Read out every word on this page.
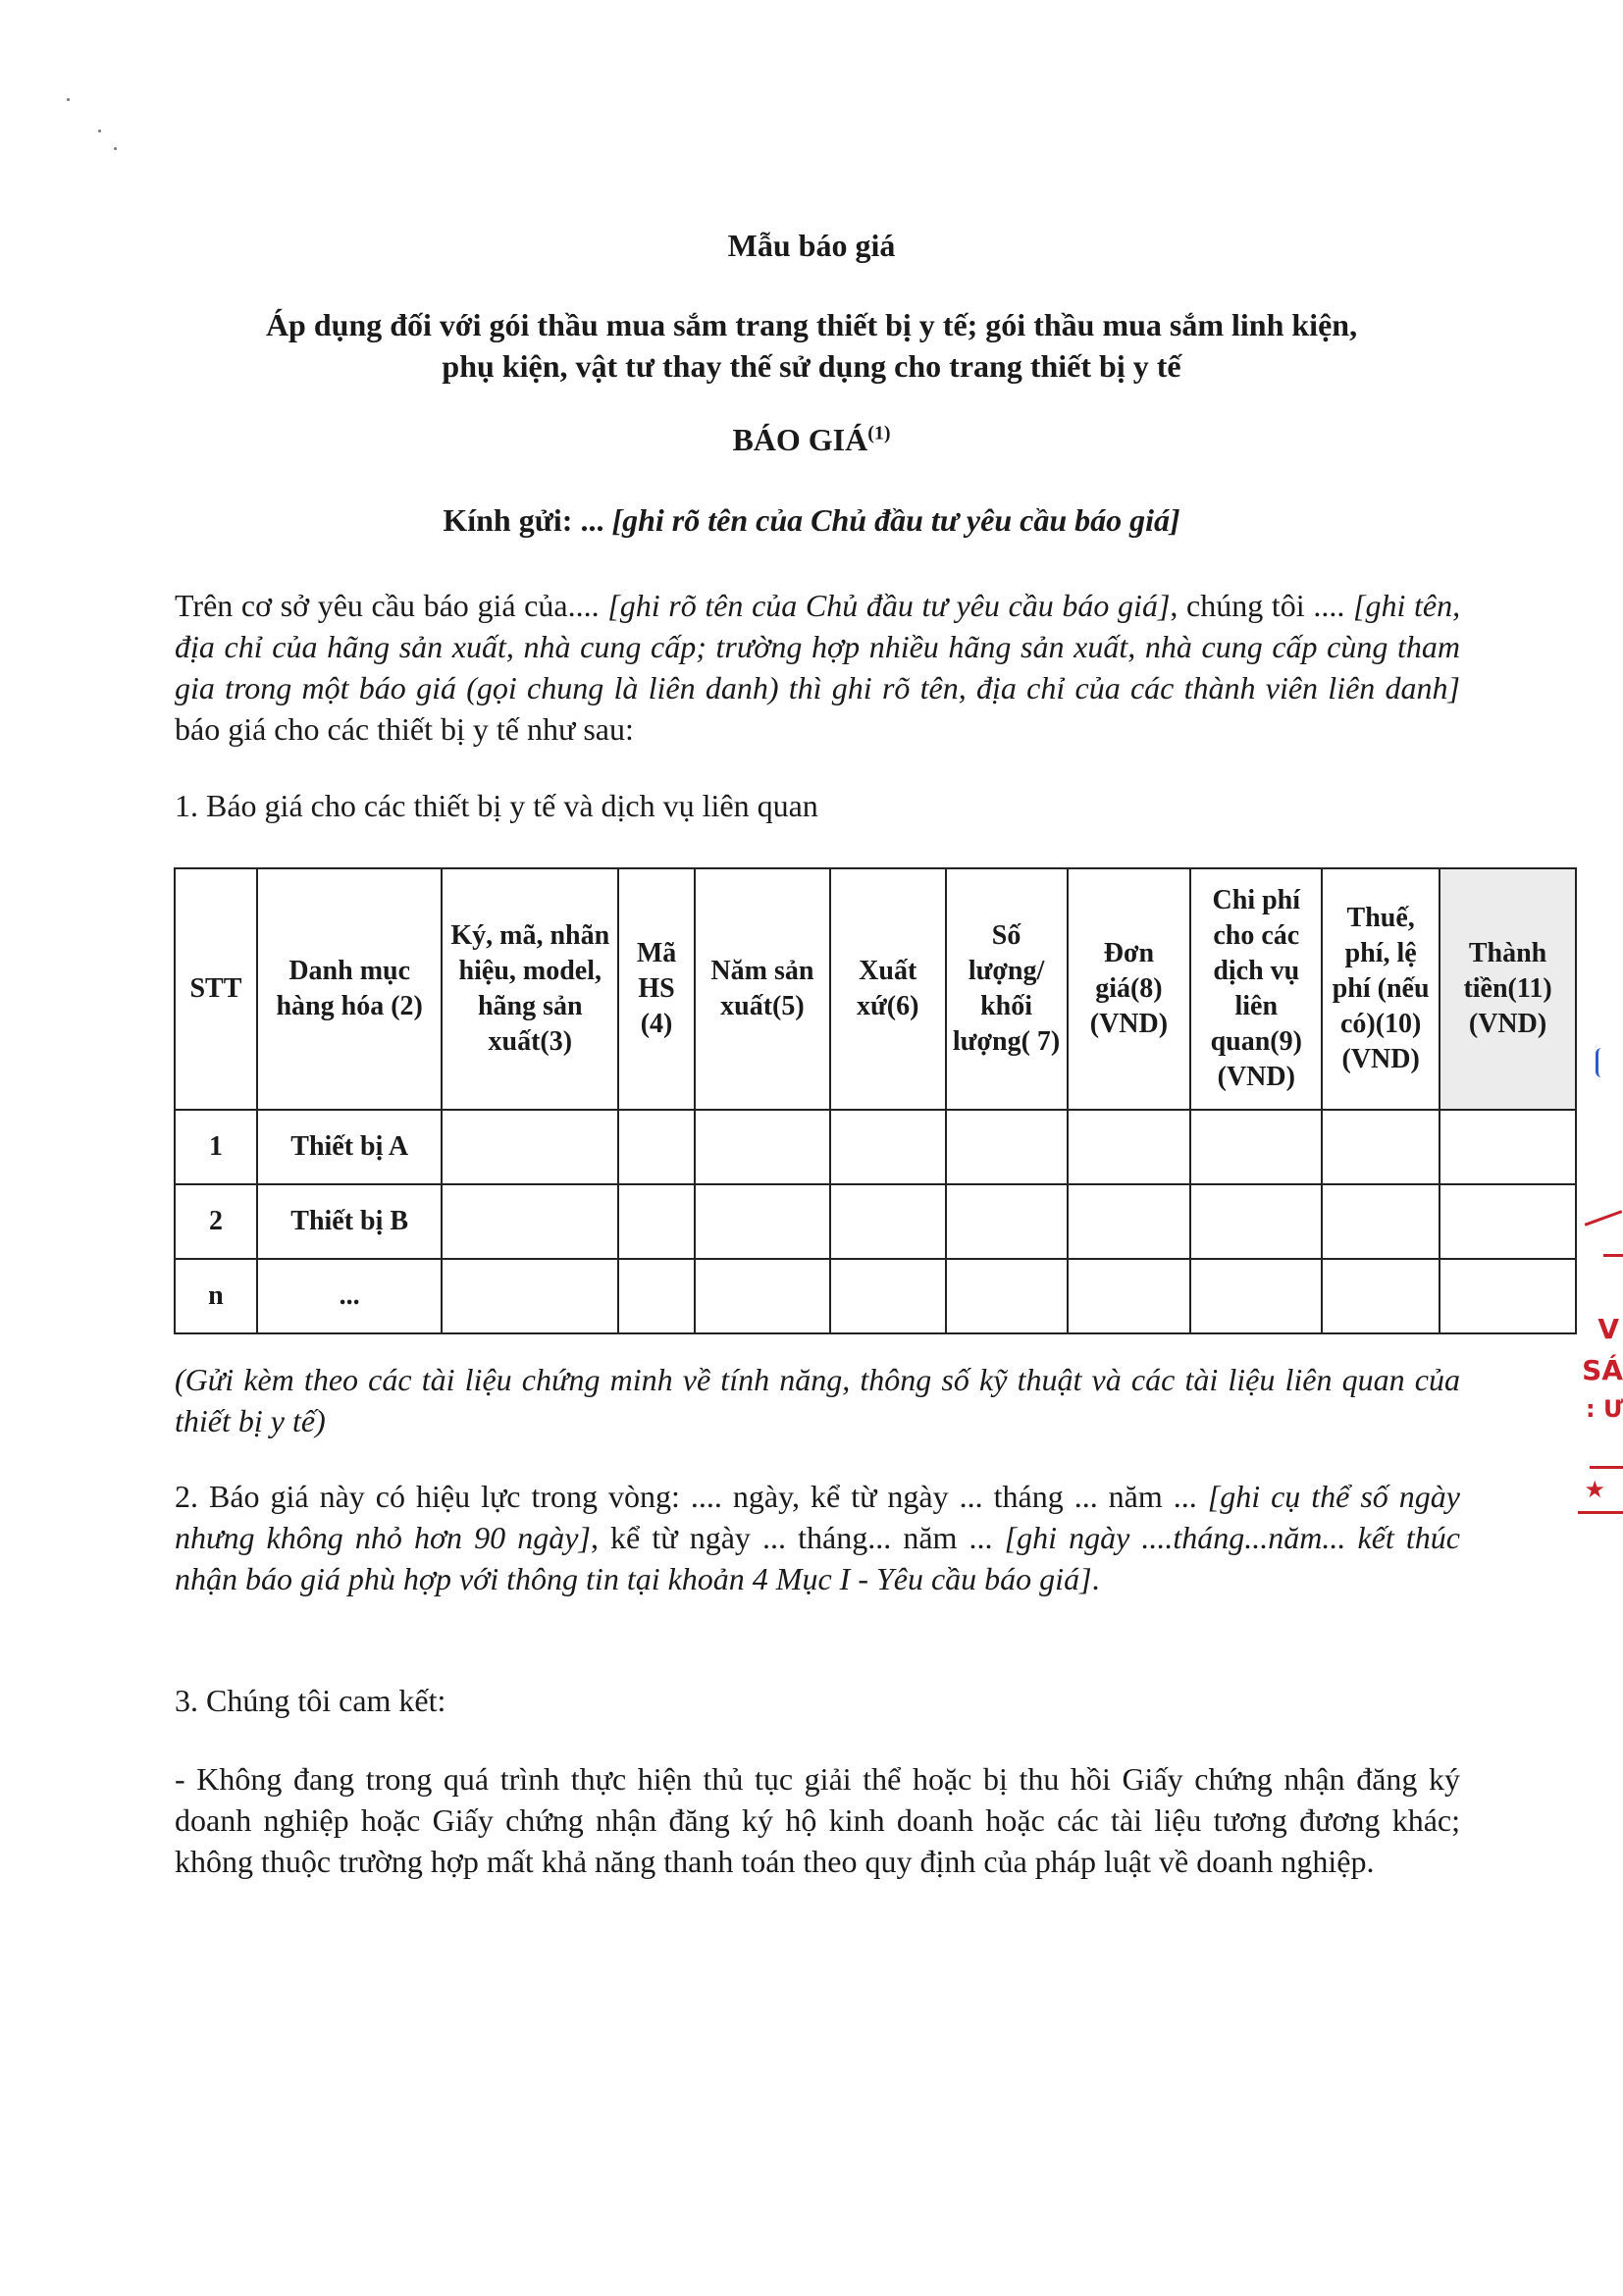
Mẫu báo giá
Áp dụng đối với gói thầu mua sắm trang thiết bị y tế; gói thầu mua sắm linh kiện,
phụ kiện, vật tư thay thế sử dụng cho trang thiết bị y tế
BÁO GIÁ$^{(1)}$
Kính gửi: ... [ghi rõ tên của Chủ đầu tư yêu cầu báo giá]
Trên cơ sở yêu cầu báo giá của.... [ghi rõ tên của Chủ đầu tư yêu cầu báo giá], chúng tôi .... [ghi tên, địa chỉ của hãng sản xuất, nhà cung cấp; trường hợp nhiều hãng sản xuất, nhà cung cấp cùng tham gia trong một báo giá (gọi chung là liên danh) thì ghi rõ tên, địa chỉ của các thành viên liên danh] báo giá cho các thiết bị y tế như sau:
1. Báo giá cho các thiết bị y tế và dịch vụ liên quan
STT	Danh mục hàng hóa (2)	Ký, mã, nhãn hiệu, model, hãng sản xuất(3)	Mã HS (4)	Năm sản xuất(5)	Xuất xứ(6)	Số lượng/ khối lượng( 7)	Đơn giá(8) (VND)	Chi phí cho các dịch vụ liên quan(9) (VND)	Thuế, phí, lệ phí (nếu có)(10) (VND)	Thành tiền(11) (VND)
1	Thiết bị A									
2	Thiết bị B									
n	...									
(Gửi kèm theo các tài liệu chứng minh về tính năng, thông số kỹ thuật và các tài liệu liên quan của thiết bị y tế)
2. Báo giá này có hiệu lực trong vòng: .... ngày, kể từ ngày ... tháng ... năm ... [ghi cụ thể số ngày nhưng không nhỏ hơn 90 ngày], kể từ ngày ... tháng... năm ... [ghi ngày ....tháng...năm... kết thúc nhận báo giá phù hợp với thông tin tại khoản 4 Mục I - Yêu cầu báo giá].
3. Chúng tôi cam kết:
- Không đang trong quá trình thực hiện thủ tục giải thể hoặc bị thu hồi Giấy chứng nhận đăng ký doanh nghiệp hoặc Giấy chứng nhận đăng ký hộ kinh doanh hoặc các tài liệu tương đương khác; không thuộc trường hợp mất khả năng thanh toán theo quy định của pháp luật về doanh nghiệp.
V
SÁ
: Ư
★
